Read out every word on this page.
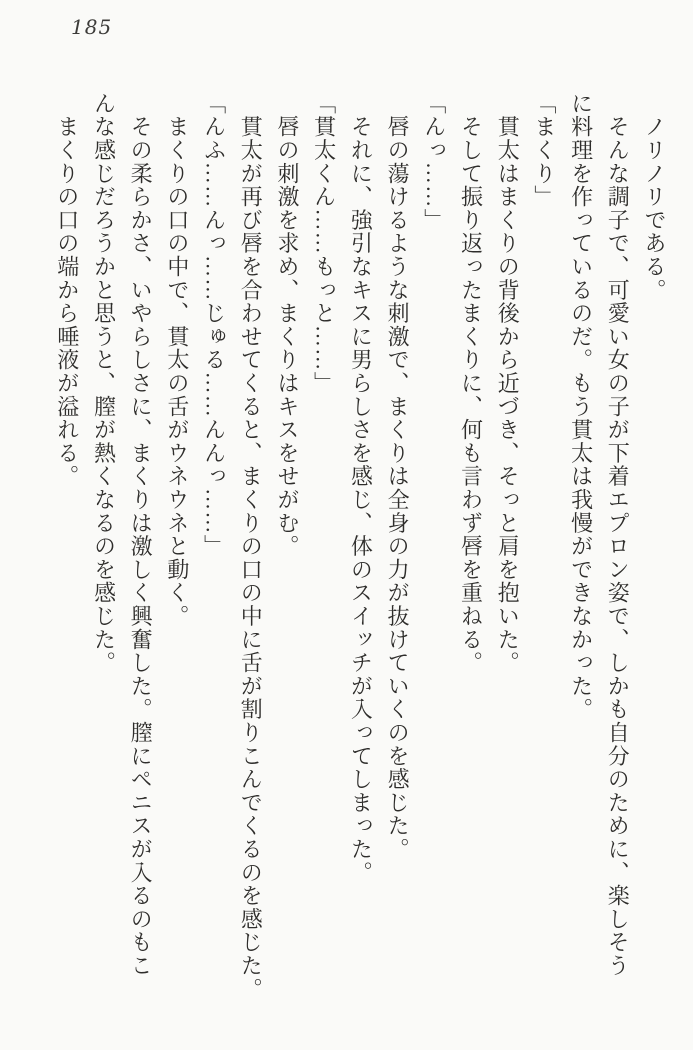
185

　ノリノリである。

　そんな調子で、可愛い女の子が下着エプロン姿で、しかも自分のために、楽しそう

に料理を作っているのだ。もう貫太は我慢ができなかった。

「まくり」

　貫太はまくりの背後から近づき、そっと肩を抱いた。

　そして振り返ったまくりに、何も言わず唇を重ねる。

「んっ……」

　唇の蕩けるような刺激で、まくりは全身の力が抜けていくのを感じた。

　それに、強引なキスに男らしさを感じ、体のスイッチが入ってしまった。

「貫太くん……もっと……」

　唇の刺激を求め、まくりはキスをせがむ。

　貫太が再び唇を合わせてくると、まくりの口の中に舌が割りこんでくるのを感じた。

「んふ……んっ……じゅる……んんっ……」

　まくりの口の中で、貫太の舌がウネウネと動く。

　その柔らかさ、いやらしさに、まくりは激しく興奮した。膣にペニスが入るのもこ

んな感じだろうかと思うと、膣が熱くなるのを感じた。

　まくりの口の端から唾液が溢れる。
